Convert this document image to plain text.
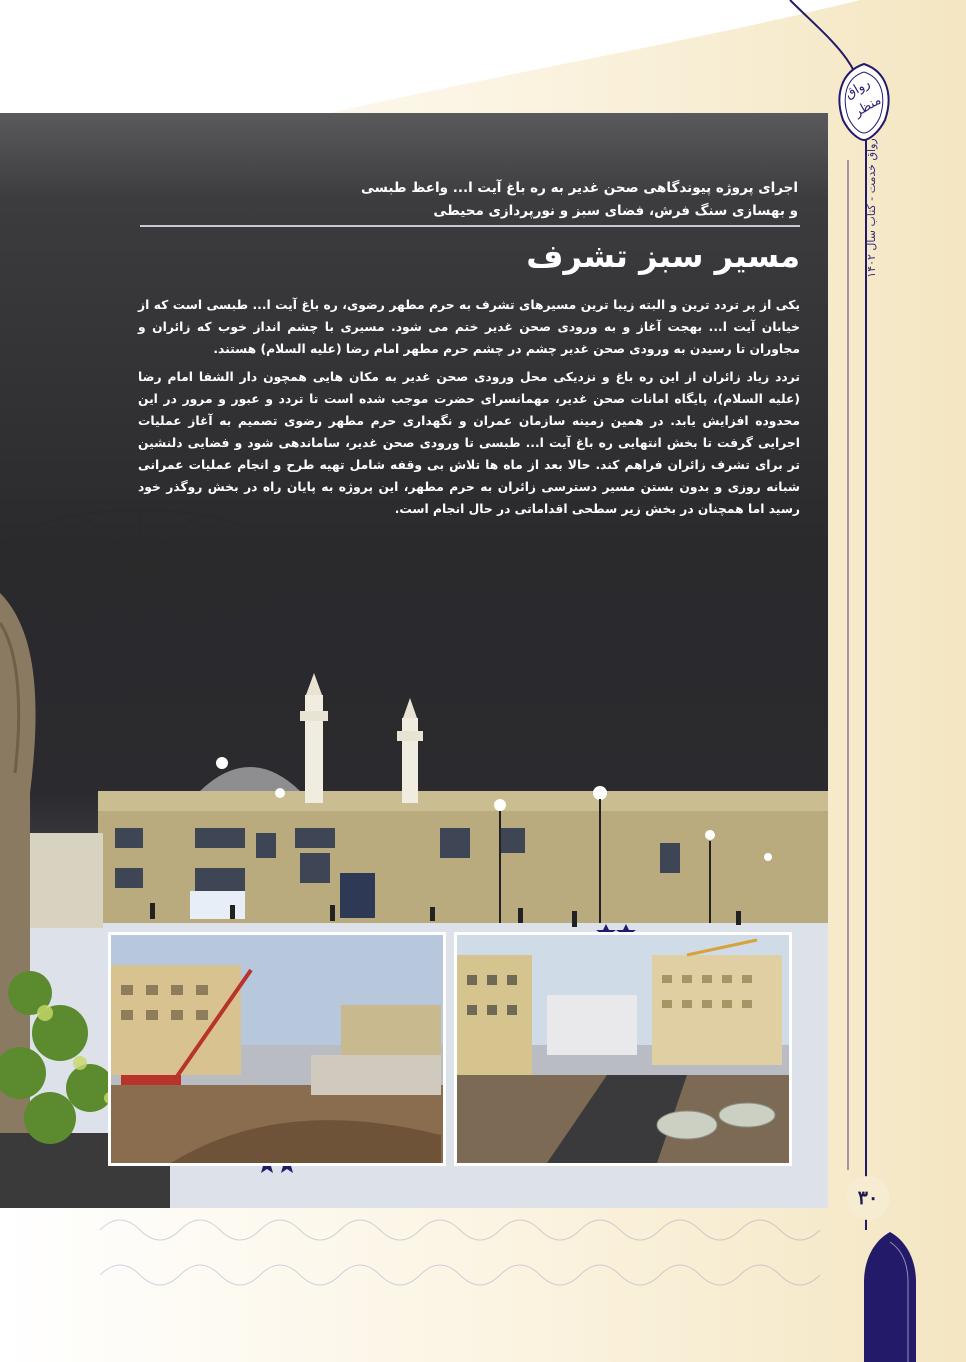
رواق منظر
رواق خدمت - کتاب سال ۱۴۰۲
اجرای پروژه پیوندگاهی صحن غدیر به ره باغ آیت ا... واعظ طبسی
و بهسازی سنگ فرش، فضای سبز و نورپردازی محیطی
مسیر سبز تشرف

یکی از پر تردد ترین و البته زیبا ترین مسیرهای تشرف به حرم مطهر رضوی، ره باغ آیت ا... طبسی است که از خیابان آیت ا... بهجت آغاز و به ورودی صحن غدیر ختم می شود. مسیری با چشم انداز خوب که زائران و مجاوران تا رسیدن به ورودی صحن غدیر چشم در چشم حرم مطهر امام رضا (علیه السلام) هستند.

تردد زیاد زائران از این ره باغ و نزدیکی محل ورودی صحن غدیر به مکان هایی همچون دار الشفا امام رضا (علیه السلام)، پایگاه امانات صحن غدیر، مهمانسرای حضرت موجب شده است تا تردد و عبور و مرور در این محدوده افزایش یابد. در همین زمینه سازمان عمران و نگهداری حرم مطهر رضوی تصمیم به آغاز عملیات اجرایی گرفت تا بخش انتهایی ره باغ آیت ا... طبسی تا ورودی صحن غدیر، ساماندهی شود و فضایی دلنشین تر برای تشرف زائران فراهم کند. حالا بعد از ماه ها تلاش بی وقفه شامل تهیه طرح و انجام عملیات عمرانی شبانه روزی و بدون بستن مسیر دسترسی زائران به حرم مطهر، این پروژه به پایان راه در بخش روگذر خود رسید اما همچنان در بخش زیر سطحی اقداماتی در حال انجام است.

۳۰
